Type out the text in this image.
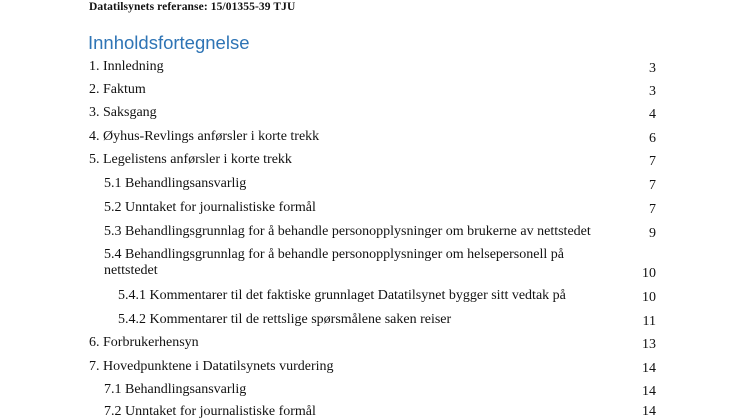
Datatilsynets referanse: 15/01355-39 TJU
Innholdsfortegnelse
1. Innledning	3
2. Faktum	3
3. Saksgang	4
4. Øyhus-Revlings anførsler i korte trekk	6
5. Legelistens anførsler i korte trekk	7
5.1 Behandlingsansvarlig	7
5.2 Unntaket for journalistiske formål	7
5.3 Behandlingsgrunnlag for å behandle personopplysninger om brukerne av nettstedet	9
5.4 Behandlingsgrunnlag for å behandle personopplysninger om helsepersonell på
nettstedet	10
5.4.1 Kommentarer til det faktiske grunnlaget Datatilsynet bygger sitt vedtak på	10
5.4.2 Kommentarer til de rettslige spørsmålene saken reiser	11
6. Forbrukerhensyn	13
7. Hovedpunktene i Datatilsynets vurdering	14
7.1 Behandlingsansvarlig	14
7.2 Unntaket for journalistiske formål	14
